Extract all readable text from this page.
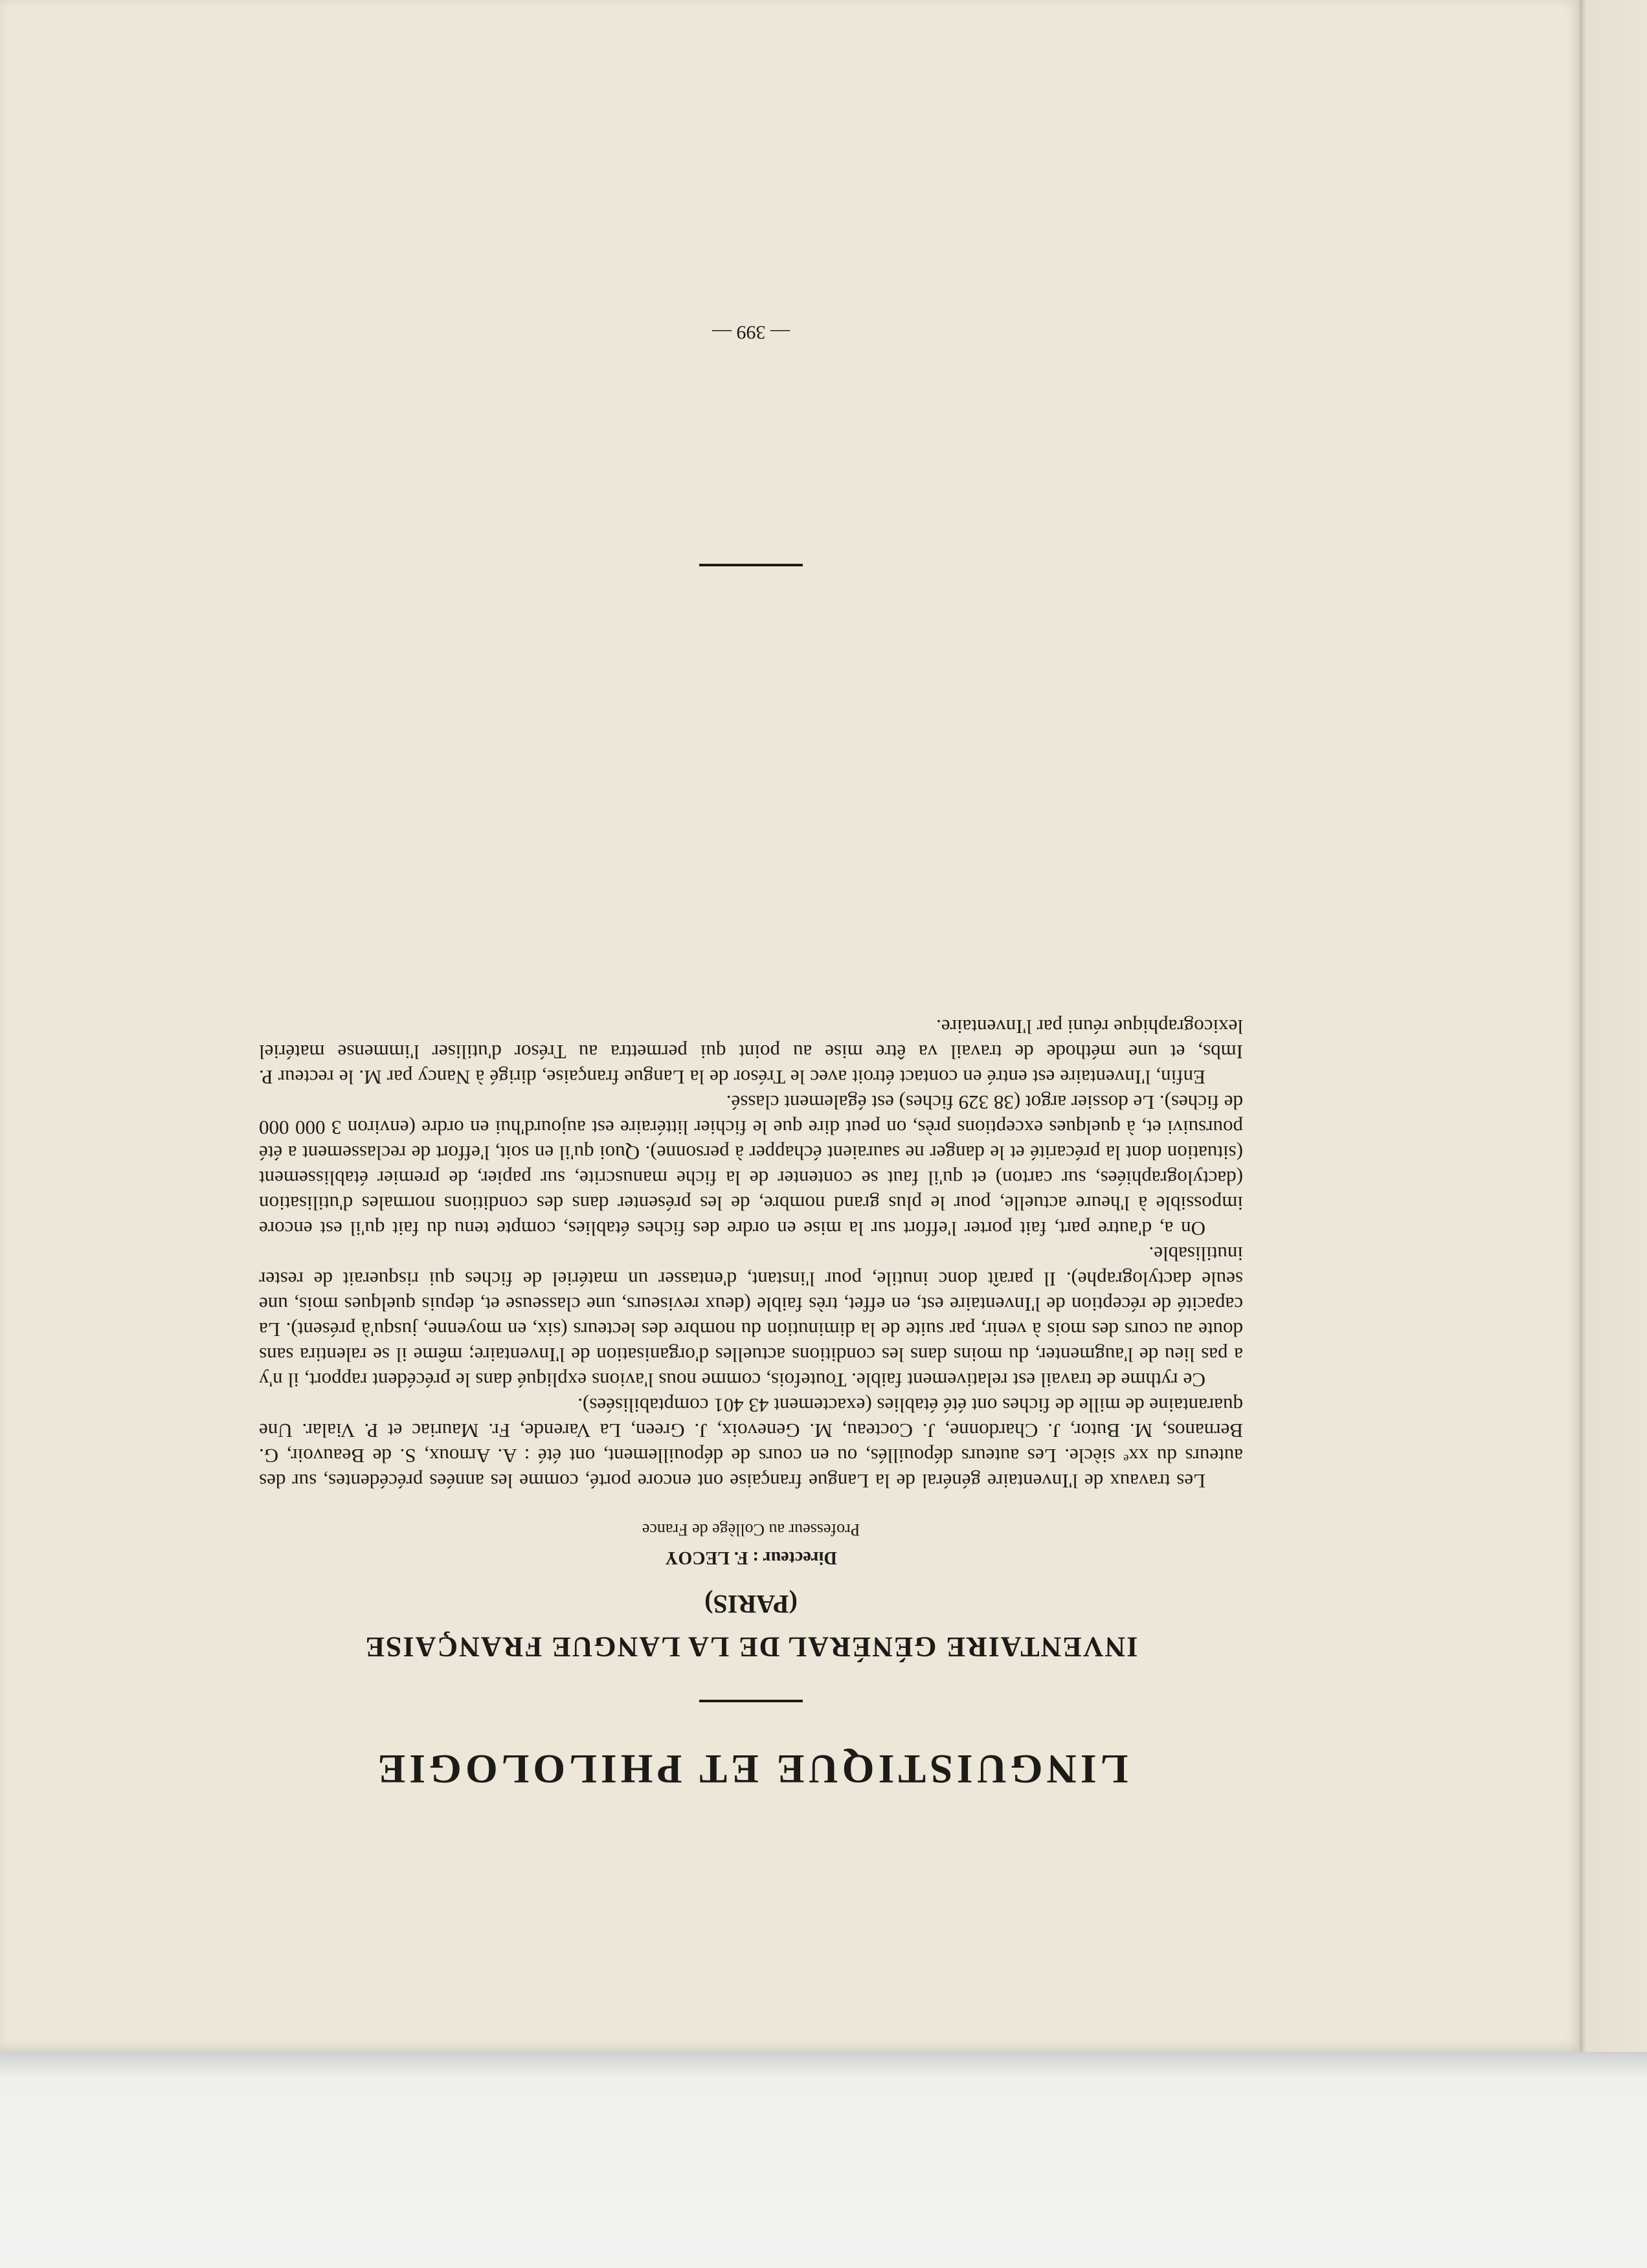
LINGUISTIQUE ET PHILOLOGIE
INVENTAIRE GÉNÉRAL DE LA LANGUE FRANÇAISE
(PARIS)
Directeur : F. LECOY
Professeur au Collège de France

Les travaux de l'Inventaire général de la Langue française ont encore porté, comme les années précédentes, sur des auteurs du xxᵉ siècle. Les auteurs dépouillés, ou en cours de dépouillement, ont été : A. Arnoux, S. de Beauvoir, G. Bernanos, M. Butor, J. Chardonne, J. Cocteau, M. Genevoix, J. Green, La Varende, Fr. Mauriac et P. Vialar. Une quarantaine de mille de fiches ont été établies (exactement 43 401 comptabilisées).

Ce rythme de travail est relativement faible. Toutefois, comme nous l'avions expliqué dans le précédent rapport, il n'y a pas lieu de l'augmenter, du moins dans les conditions actuelles d'organisation de l'Inventaire; même il se ralentira sans doute au cours des mois à venir, par suite de la diminution du nombre des lecteurs (six, en moyenne, jusqu'à présent). La capacité de réception de l'Inventaire est, en effet, très faible (deux reviseurs, une classeuse et, depuis quelques mois, une seule dactylographe). Il paraît donc inutile, pour l'instant, d'entasser un matériel de fiches qui risquerait de rester inutilisable.

On a, d'autre part, fait porter l'effort sur la mise en ordre des fiches établies, compte tenu du fait qu'il est encore impossible à l'heure actuelle, pour le plus grand nombre, de les présenter dans des conditions normales d'utilisation (dactylographiées, sur carton) et qu'il faut se contenter de la fiche manuscrite, sur papier, de premier établissement (situation dont la précarité et le danger ne sauraient échapper à personne). Quoi qu'il en soit, l'effort de reclassement a été poursuivi et, à quelques exceptions près, on peut dire que le fichier littéraire est aujourd'hui en ordre (environ 3 000 000 de fiches). Le dossier argot (38 329 fiches) est également classé.

Enfin, l'Inventaire est entré en contact étroit avec le Trésor de la Langue française, dirigé à Nancy par M. le recteur P. Imbs, et une méthode de travail va être mise au point qui permettra au Trésor d'utiliser l'immense matériel lexicographique réuni par l'Inventaire.

— 399 —
